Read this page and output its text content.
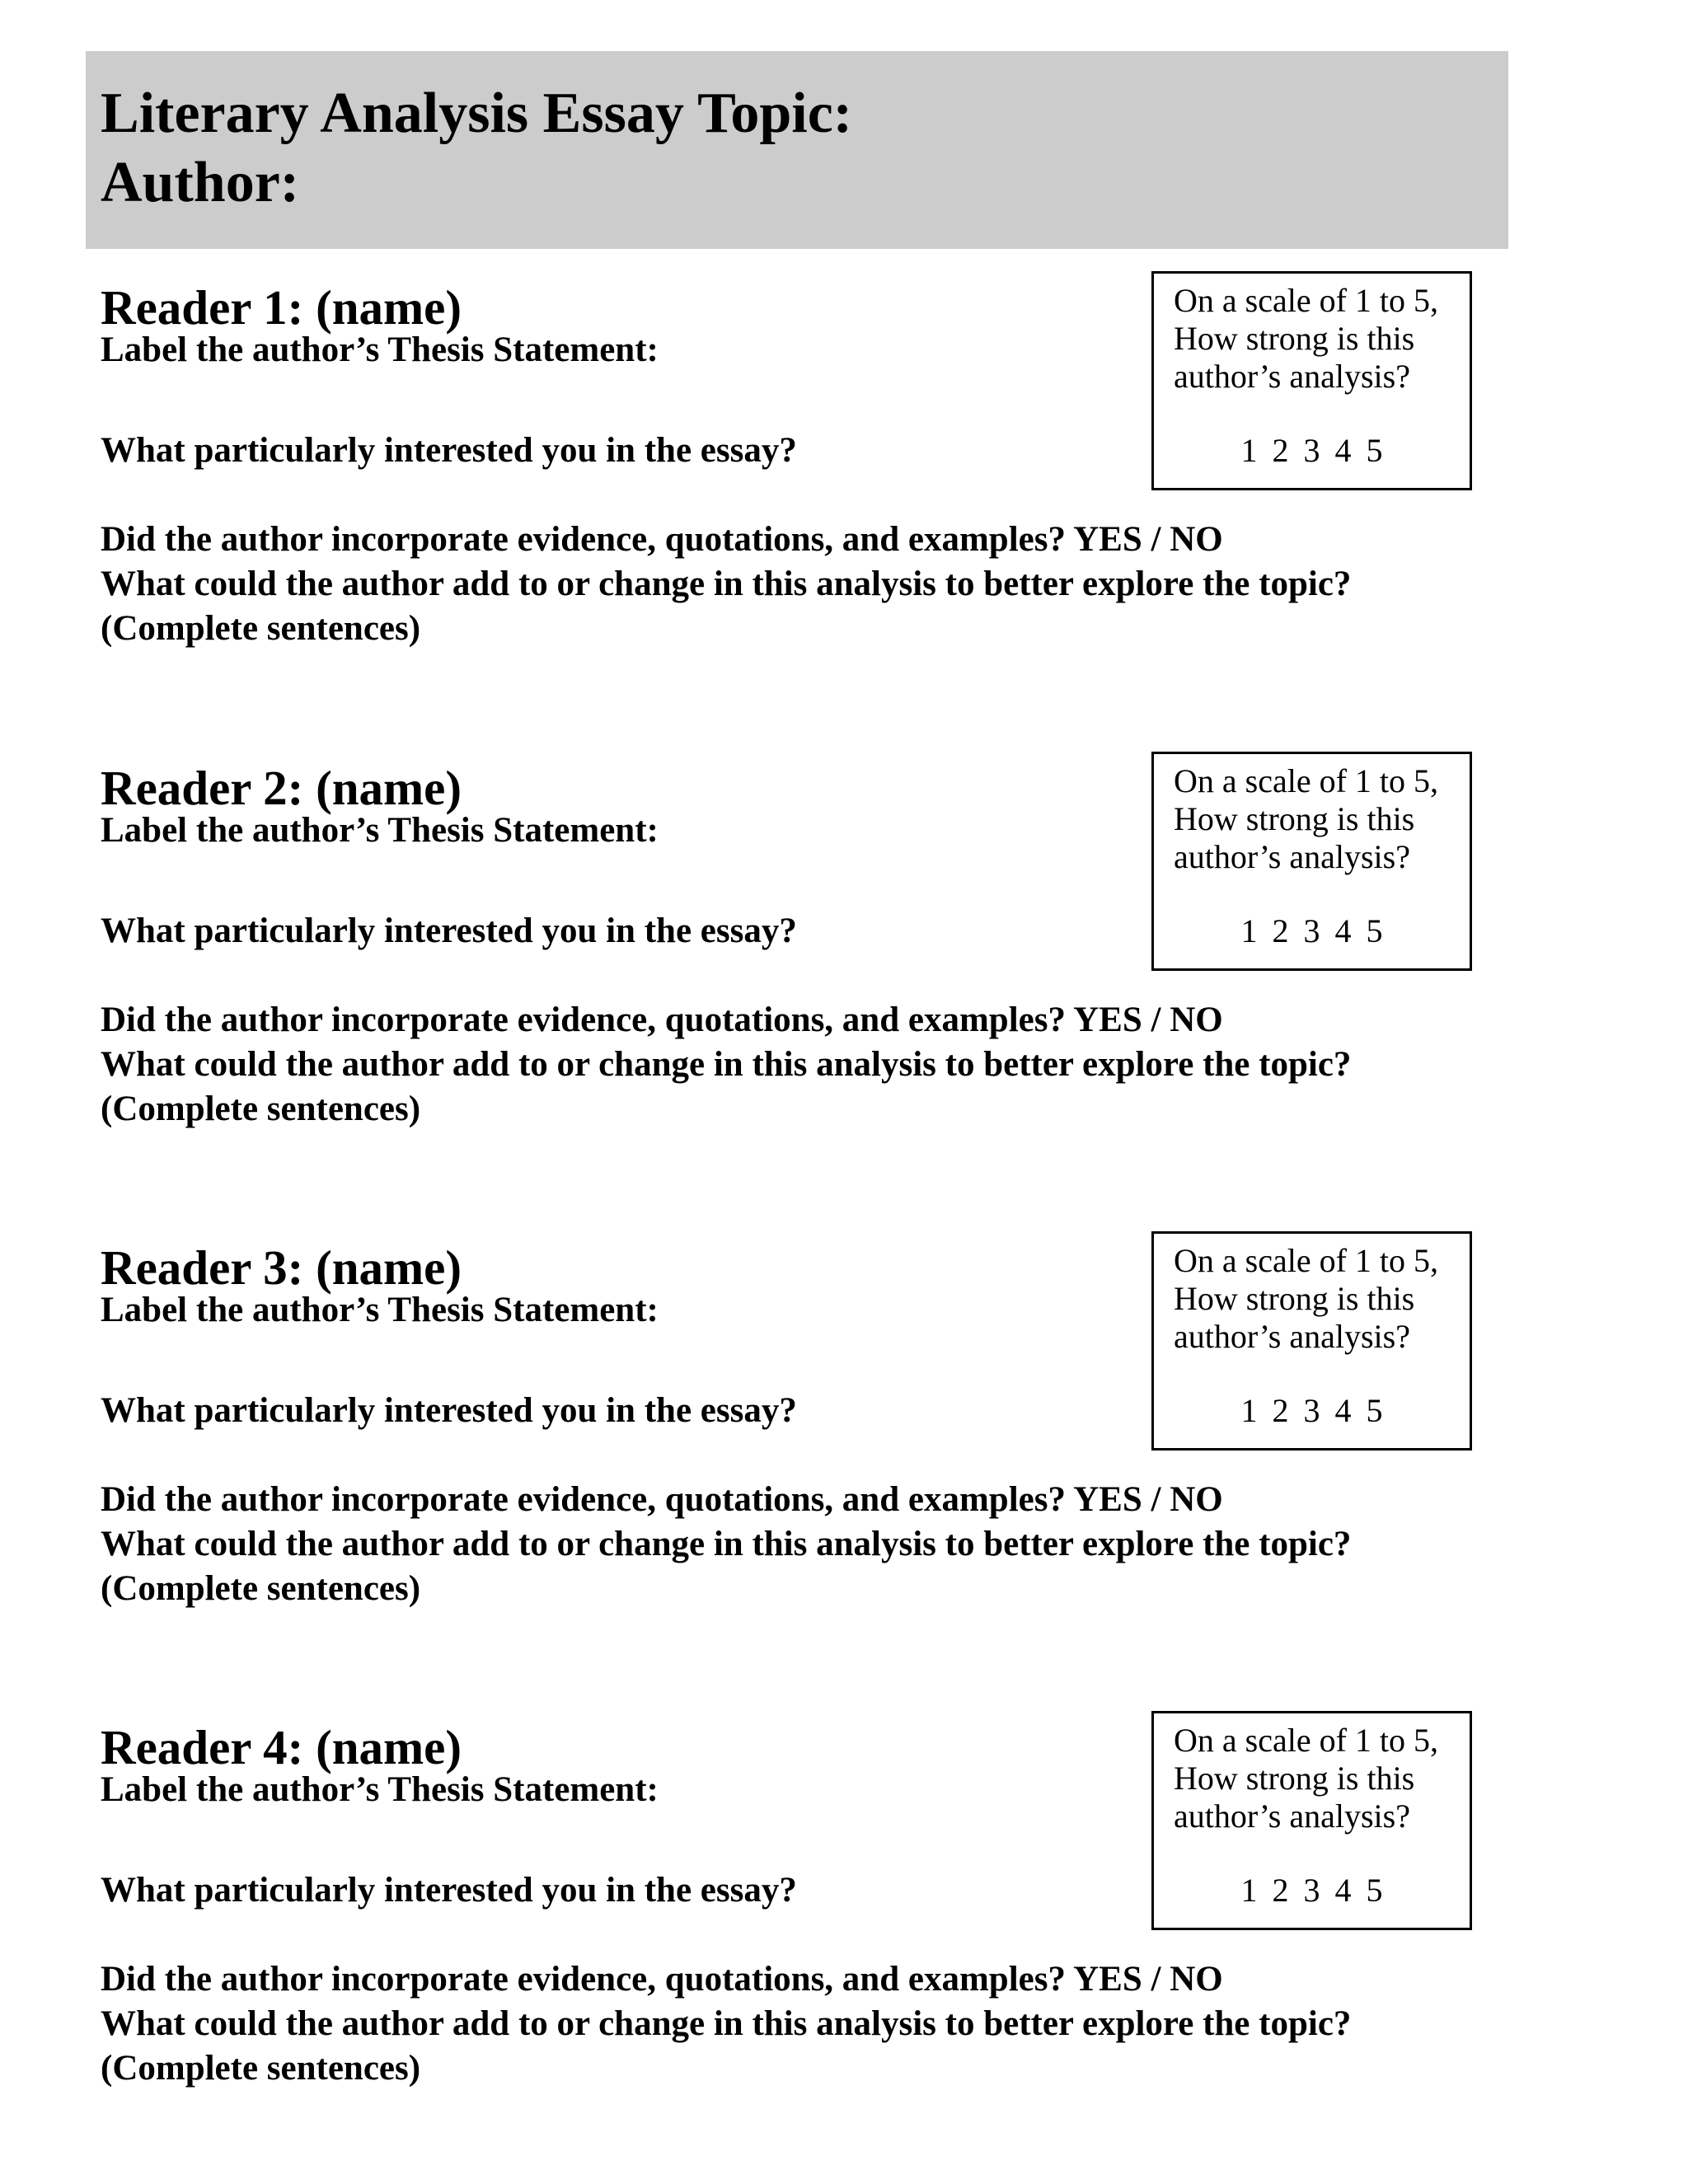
Literary Analysis Essay Topic:
Author:
Reader 1: (name)
Label the author’s Thesis Statement:
What particularly interested you in the essay?
Did the author incorporate evidence, quotations, and examples? YES / NO
What could the author add to or change in this analysis to better explore the topic?
(Complete sentences)
On a scale of 1 to 5,
How strong is this
author’s analysis?
1 2 3 4 5
Reader 2: (name)
Label the author’s Thesis Statement:
What particularly interested you in the essay?
Did the author incorporate evidence, quotations, and examples? YES / NO
What could the author add to or change in this analysis to better explore the topic?
(Complete sentences)
On a scale of 1 to 5,
How strong is this
author’s analysis?
1 2 3 4 5
Reader 3: (name)
Label the author’s Thesis Statement:
What particularly interested you in the essay?
Did the author incorporate evidence, quotations, and examples? YES / NO
What could the author add to or change in this analysis to better explore the topic?
(Complete sentences)
On a scale of 1 to 5,
How strong is this
author’s analysis?
1 2 3 4 5
Reader 4: (name)
Label the author’s Thesis Statement:
What particularly interested you in the essay?
Did the author incorporate evidence, quotations, and examples? YES / NO
What could the author add to or change in this analysis to better explore the topic?
(Complete sentences)
On a scale of 1 to 5,
How strong is this
author’s analysis?
1 2 3 4 5
